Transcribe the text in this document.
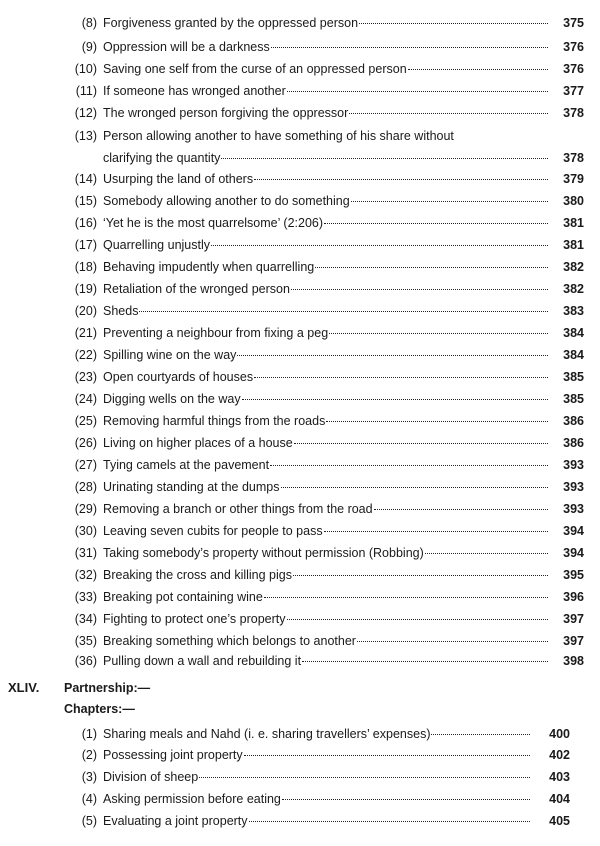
(8) Forgiveness granted by the oppressed person	375
(9) Oppression will be a darkness	376
(10) Saving one self from the curse of an oppressed person	376
(11) If someone has wronged another	377
(12) The wronged person forgiving the oppressor	378
(13) Person allowing another to have something of his share without
clarifying the quantity	378
(14) Usurping the land of others	379
(15) Somebody allowing another to do something	380
(16) ‘Yet he is the most quarrelsome’ (2:206)	381
(17) Quarrelling unjustly	381
(18) Behaving impudently when quarrelling	382
(19) Retaliation of the wronged person	382
(20) Sheds	383
(21) Preventing a neighbour from fixing a peg	384
(22) Spilling wine on the way	384
(23) Open courtyards of houses	385
(24) Digging wells on the way	385
(25) Removing harmful things from the roads	386
(26) Living on higher places of a house	386
(27) Tying camels at the pavement	393
(28) Urinating standing at the dumps	393
(29) Removing a branch or other things from the road	393
(30) Leaving seven cubits for people to pass	394
(31) Taking somebody’s property without permission (Robbing)	394
(32) Breaking the cross and killing pigs	395
(33) Breaking pot containing wine	396
(34) Fighting to protect one’s property	397
(35) Breaking something which belongs to another	397
(36) Pulling down a wall and rebuilding it	398
XLIV. Partnership:—
Chapters:—
(1) Sharing meals and Nahd (i. e. sharing travellers’ expenses)	400
(2) Possessing joint property	402
(3) Division of sheep	403
(4) Asking permission before eating	404
(5) Evaluating a joint property	405
